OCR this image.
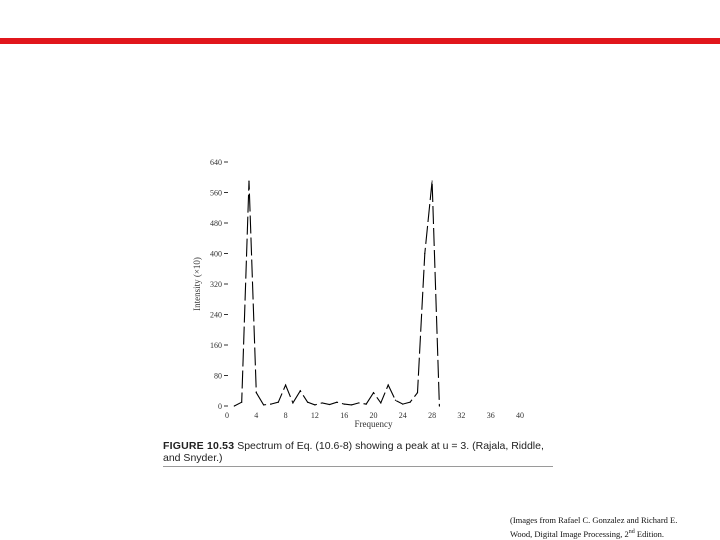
0
80
160
240
320
400
480
560
640
0	4	8	12	16	20	24	28	32	36	40
Intensity (×10)
Frequency
FIGURE 10.53 Spectrum of Eq. (10.6-8) showing a peak at u = 3. (Rajala, Riddle, and Snyder.)
(Images from Rafael C. Gonzalez and Richard E.
Wood, Digital Image Processing, 2nd Edition.
